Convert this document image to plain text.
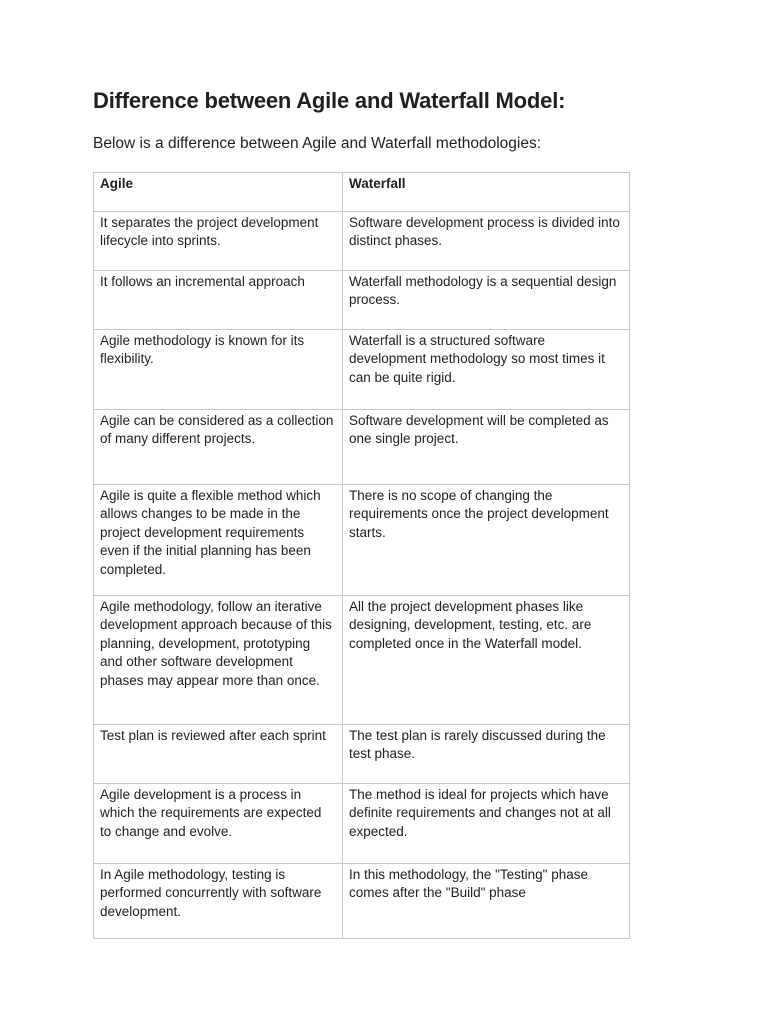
Difference between Agile and Waterfall Model:

Below is a difference between Agile and Waterfall methodologies:

Agile	Waterfall
It separates the project development lifecycle into sprints.	Software development process is divided into distinct phases.
It follows an incremental approach	Waterfall methodology is a sequential design process.
Agile methodology is known for its flexibility.	Waterfall is a structured software development methodology so most times it can be quite rigid.
Agile can be considered as a collection of many different projects.	Software development will be completed as one single project.
Agile is quite a flexible method which allows changes to be made in the project development requirements even if the initial planning has been completed.	There is no scope of changing the requirements once the project development starts.
Agile methodology, follow an iterative development approach because of this planning, development, prototyping and other software development phases may appear more than once.	All the project development phases like designing, development, testing, etc. are completed once in the Waterfall model.
Test plan is reviewed after each sprint	The test plan is rarely discussed during the test phase.
Agile development is a process in which the requirements are expected to change and evolve.	The method is ideal for projects which have definite requirements and changes not at all expected.
In Agile methodology, testing is performed concurrently with software development.	In this methodology, the "Testing" phase comes after the "Build" phase
